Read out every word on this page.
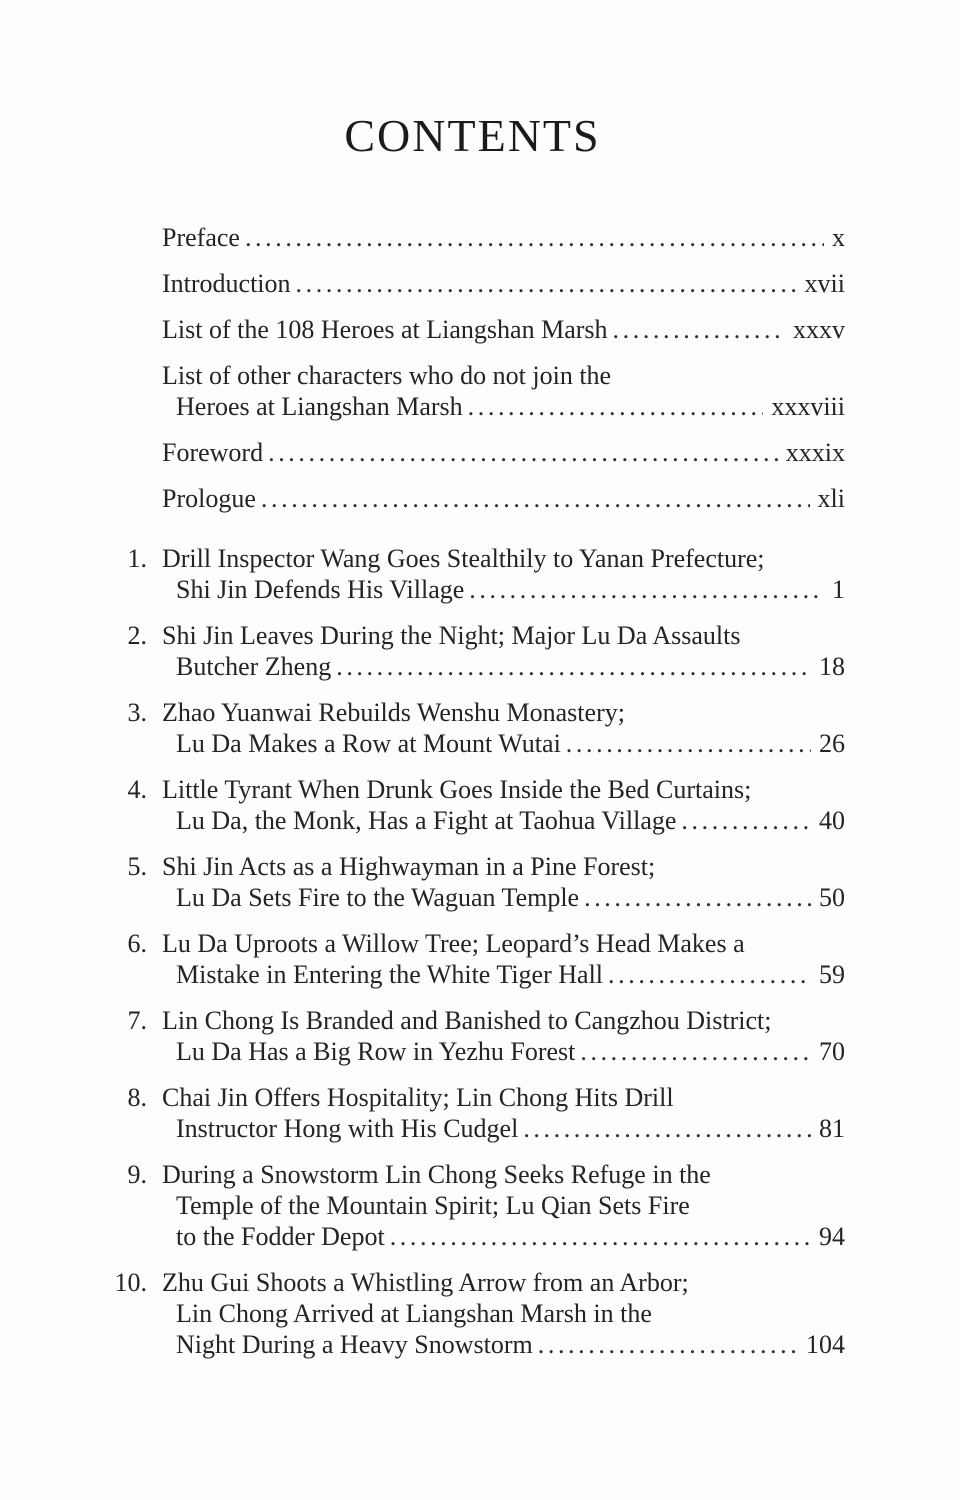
CONTENTS
Preface .....	x
Introduction .....	xvii
List of the 108 Heroes at Liangshan Marsh .....	xxxv
List of other characters who do not join the
Heroes at Liangshan Marsh .....	xxxviii
Foreword .....	xxxix
Prologue .....	xli
1. Drill Inspector Wang Goes Stealthily to Yanan Prefecture;
Shi Jin Defends His Village .....	1
2. Shi Jin Leaves During the Night; Major Lu Da Assaults
Butcher Zheng .....	18
3. Zhao Yuanwai Rebuilds Wenshu Monastery;
Lu Da Makes a Row at Mount Wutai .....	26
4. Little Tyrant When Drunk Goes Inside the Bed Curtains;
Lu Da, the Monk, Has a Fight at Taohua Village .....	40
5. Shi Jin Acts as a Highwayman in a Pine Forest;
Lu Da Sets Fire to the Waguan Temple .....	50
6. Lu Da Uproots a Willow Tree; Leopard’s Head Makes a
Mistake in Entering the White Tiger Hall .....	59
7. Lin Chong Is Branded and Banished to Cangzhou District;
Lu Da Has a Big Row in Yezhu Forest .....	70
8. Chai Jin Offers Hospitality; Lin Chong Hits Drill
Instructor Hong with His Cudgel .....	81
9. During a Snowstorm Lin Chong Seeks Refuge in the
Temple of the Mountain Spirit; Lu Qian Sets Fire
to the Fodder Depot .....	94
10. Zhu Gui Shoots a Whistling Arrow from an Arbor;
Lin Chong Arrived at Liangshan Marsh in the
Night During a Heavy Snowstorm .....	104
